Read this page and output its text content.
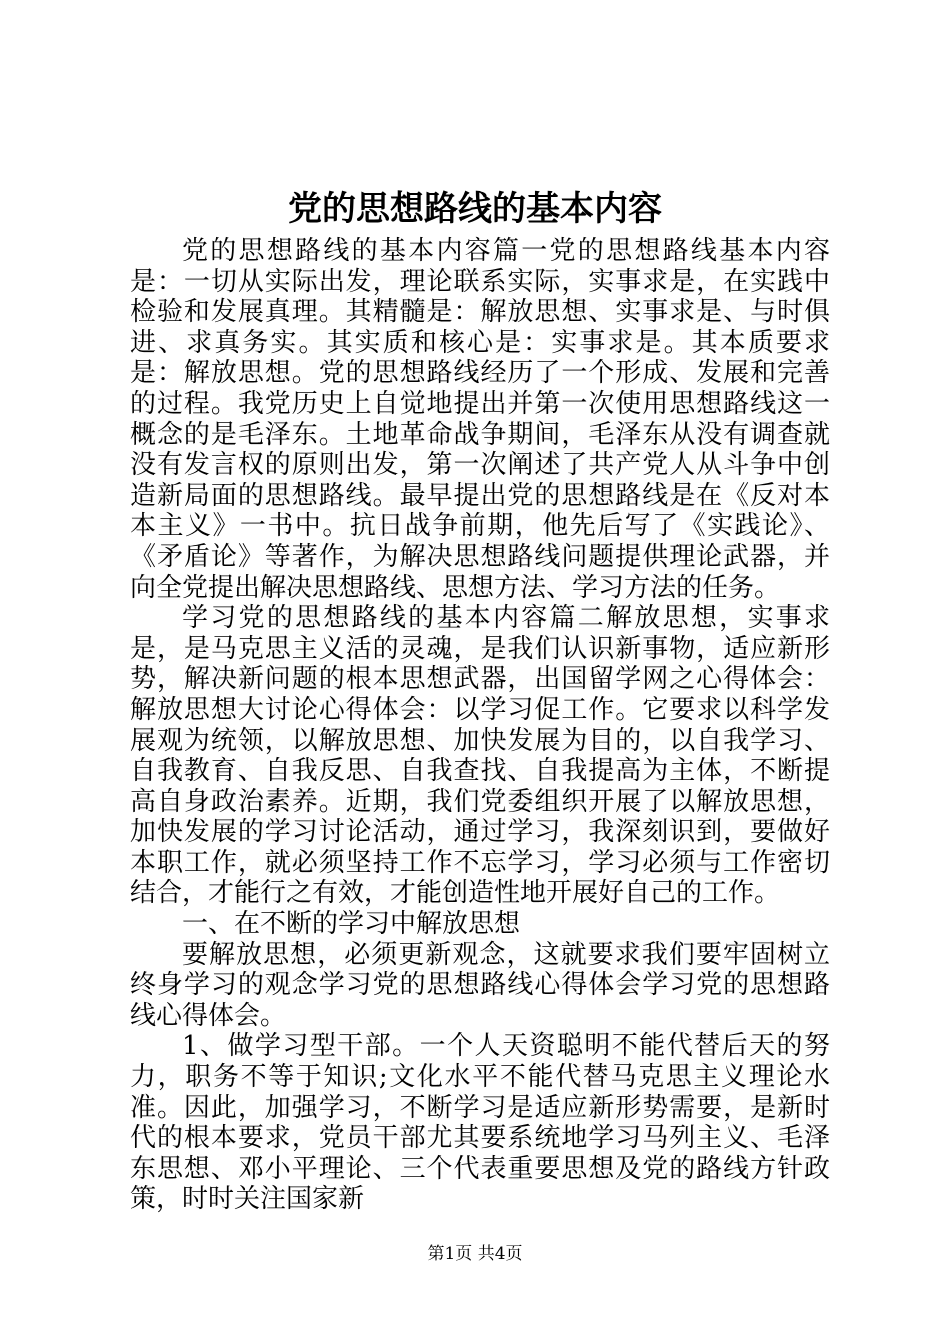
党的思想路线的基本内容

党的思想路线的基本内容篇一党的思想路线基本内容是：一切从实际出发，理论联系实际，实事求是，在实践中检验和发展真理。其精髓是：解放思想、实事求是、与时俱进、求真务实。其实质和核心是：实事求是。其本质要求是：解放思想。党的思想路线经历了一个形成、发展和完善的过程。我党历史上自觉地提出并第一次使用思想路线这一概念的是毛泽东。土地革命战争期间，毛泽东从没有调查就没有发言权的原则出发，第一次阐述了共产党人从斗争中创造新局面的思想路线。最早提出党的思想路线是在《反对本本主义》一书中。抗日战争前期，他先后写了《实践论》、《矛盾论》等著作，为解决思想路线问题提供理论武器，并向全党提出解决思想路线、思想方法、学习方法的任务。

学习党的思想路线的基本内容篇二解放思想，实事求是，是马克思主义活的灵魂，是我们认识新事物，适应新形势，解决新问题的根本思想武器，出国留学网之心得体会：解放思想大讨论心得体会：以学习促工作。它要求以科学发展观为统领，以解放思想、加快发展为目的，以自我学习、自我教育、自我反思、自我查找、自我提高为主体，不断提高自身政治素养。近期，我们党委组织开展了以解放思想，加快发展的学习讨论活动，通过学习，我深刻识到，要做好本职工作，就必须坚持工作不忘学习，学习必须与工作密切结合，才能行之有效，才能创造性地开展好自己的工作。

一、在不断的学习中解放思想

要解放思想，必须更新观念，这就要求我们要牢固树立终身学习的观念学习党的思想路线心得体会学习党的思想路线心得体会。

1、做学习型干部。一个人天资聪明不能代替后天的努力，职务不等于知识;文化水平不能代替马克思主义理论水准。因此，加强学习，不断学习是适应新形势需要，是新时代的根本要求，党员干部尤其要系统地学习马列主义、毛泽东思想、邓小平理论、三个代表重要思想及党的路线方针政策，时时关注国家新

第1页 共4页
